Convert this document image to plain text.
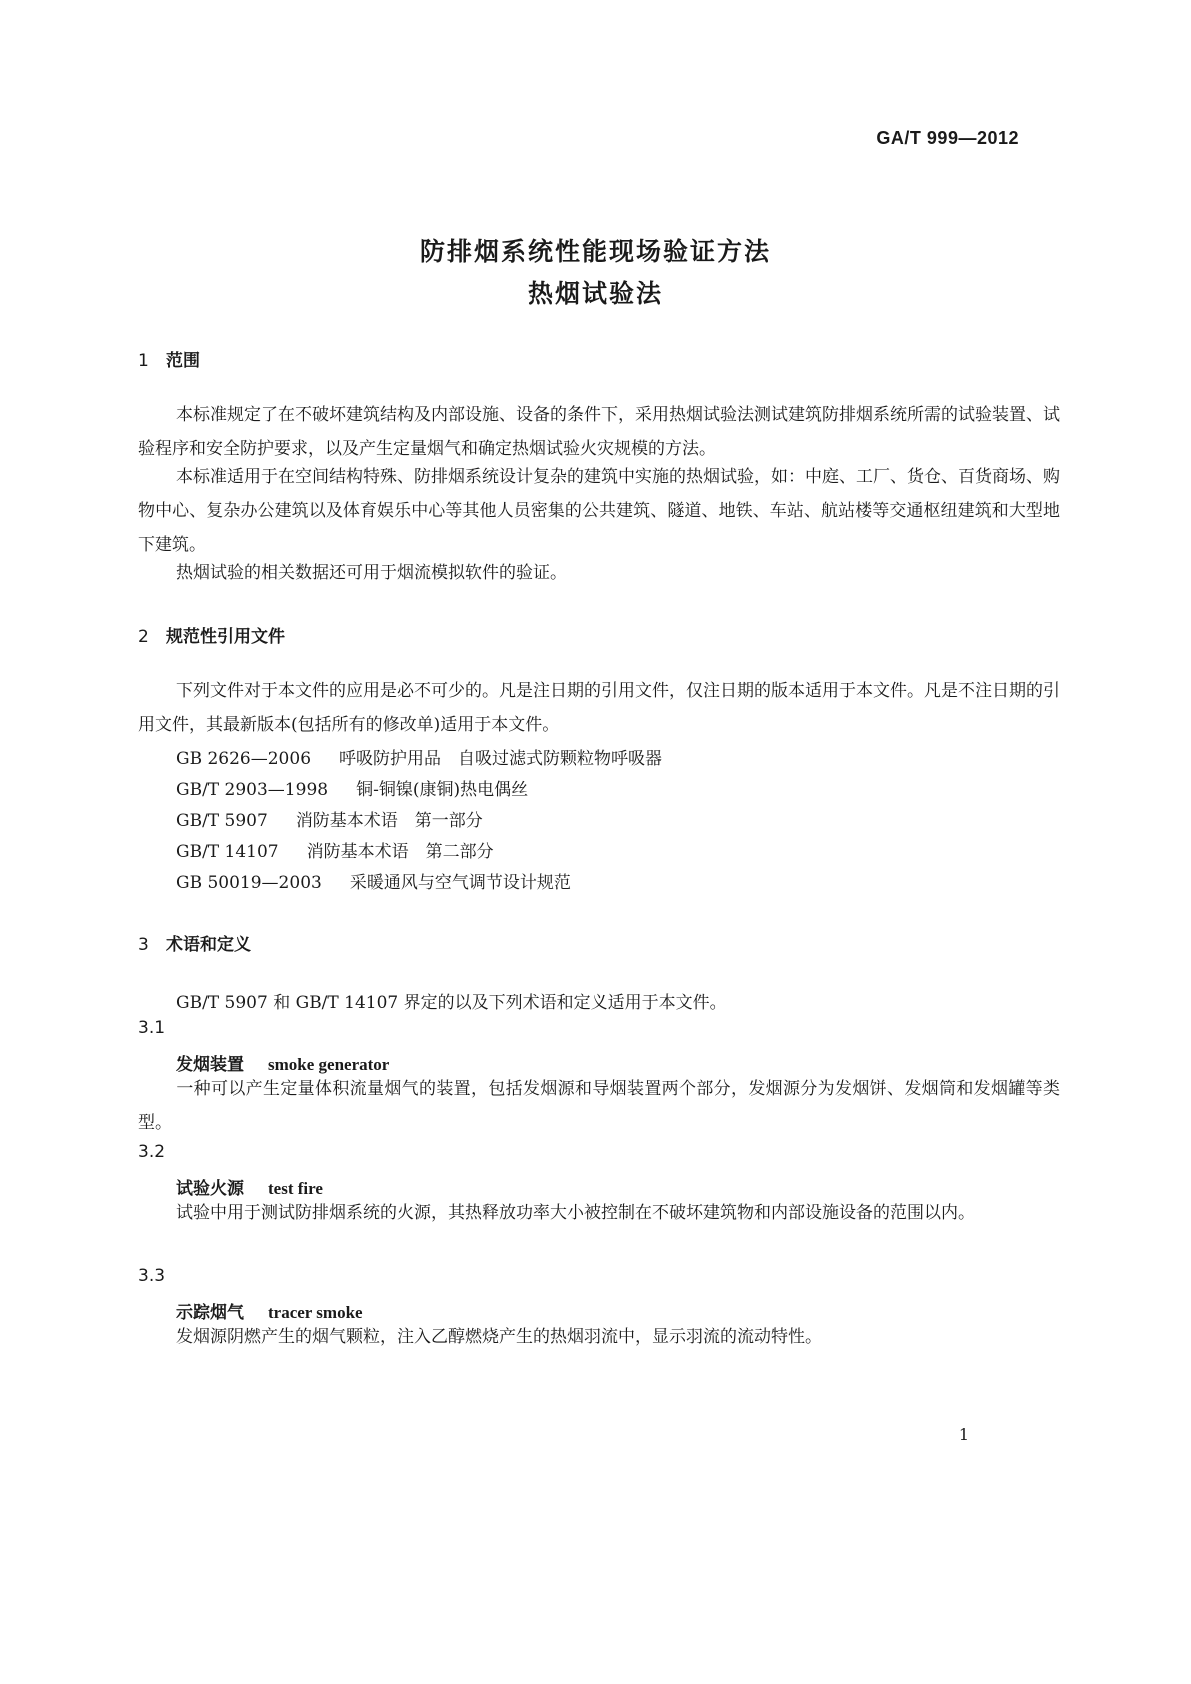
GA/T 999—2012
防排烟系统性能现场验证方法
热烟试验法
1 范围
本标准规定了在不破坏建筑结构及内部设施、设备的条件下，采用热烟试验法测试建筑防排烟系统所需的试验装置、试验程序和安全防护要求，以及产生定量烟气和确定热烟试验火灾规模的方法。
本标准适用于在空间结构特殊、防排烟系统设计复杂的建筑中实施的热烟试验，如：中庭、工厂、货仓、百货商场、购物中心、复杂办公建筑以及体育娱乐中心等其他人员密集的公共建筑、隧道、地铁、车站、航站楼等交通枢纽建筑和大型地下建筑。
热烟试验的相关数据还可用于烟流模拟软件的验证。
2 规范性引用文件
下列文件对于本文件的应用是必不可少的。凡是注日期的引用文件，仅注日期的版本适用于本文件。凡是不注日期的引用文件，其最新版本(包括所有的修改单)适用于本文件。
GB 2626—2006 呼吸防护用品　自吸过滤式防颗粒物呼吸器
GB/T 2903—1998 铜-铜镍(康铜)热电偶丝
GB/T 5907 消防基本术语　第一部分
GB/T 14107 消防基本术语　第二部分
GB 50019—2003 采暖通风与空气调节设计规范
3 术语和定义
GB/T 5907 和 GB/T 14107 界定的以及下列术语和定义适用于本文件。
3.1
发烟装置 smoke generator
一种可以产生定量体积流量烟气的装置，包括发烟源和导烟装置两个部分，发烟源分为发烟饼、发烟筒和发烟罐等类型。
3.2
试验火源 test fire
试验中用于测试防排烟系统的火源，其热释放功率大小被控制在不破坏建筑物和内部设施设备的范围以内。
3.3
示踪烟气 tracer smoke
发烟源阴燃产生的烟气颗粒，注入乙醇燃烧产生的热烟羽流中，显示羽流的流动特性。
1
